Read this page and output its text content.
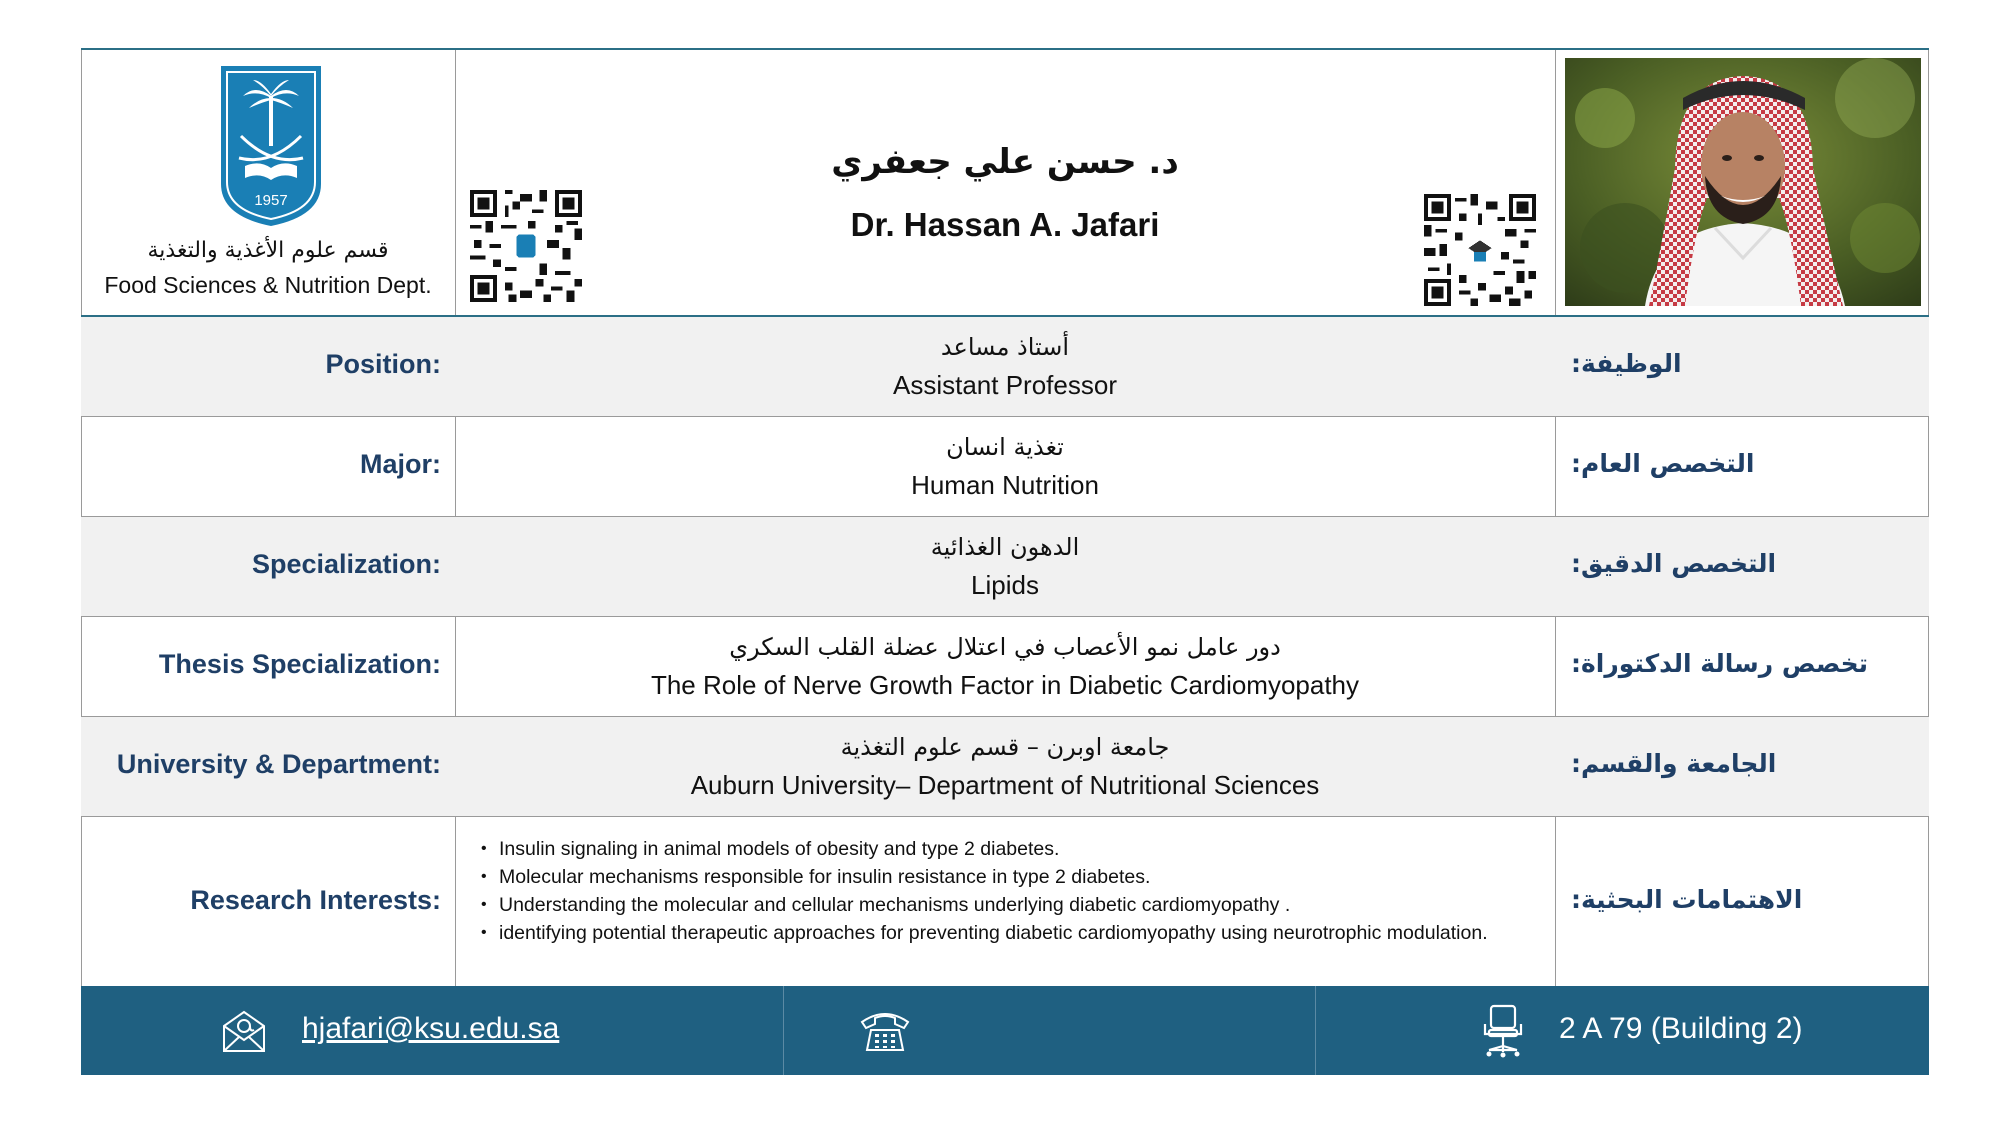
1957
قسم علوم الأغذية والتغذية
Food Sciences & Nutrition Dept.
د. حسن علي جعفري
Dr. Hassan A. Jafari
Position:
أستاذ مساعد
Assistant Professor
الوظيفة:
Major:
تغذية انسان
Human Nutrition
التخصص العام:
Specialization:
الدهون الغذائية
Lipids
التخصص الدقيق:
Thesis Specialization:
دور عامل نمو الأعصاب في اعتلال عضلة القلب السكري
The Role of Nerve Growth Factor in Diabetic Cardiomyopathy
تخصص رسالة الدكتوراة:
University & Department:
جامعة اوبرن – قسم علوم التغذية
Auburn University– Department of Nutritional Sciences
الجامعة والقسم:
Research Interests:
• Insulin signaling in animal models of obesity and type 2 diabetes.
• Molecular mechanisms responsible for insulin resistance in type 2 diabetes.
• Understanding the molecular and cellular mechanisms underlying diabetic cardiomyopathy .
• identifying potential therapeutic approaches for preventing diabetic cardiomyopathy using neurotrophic modulation.
الاهتمامات البحثية:
hjafari@ksu.edu.sa	2 A 79 (Building 2)
